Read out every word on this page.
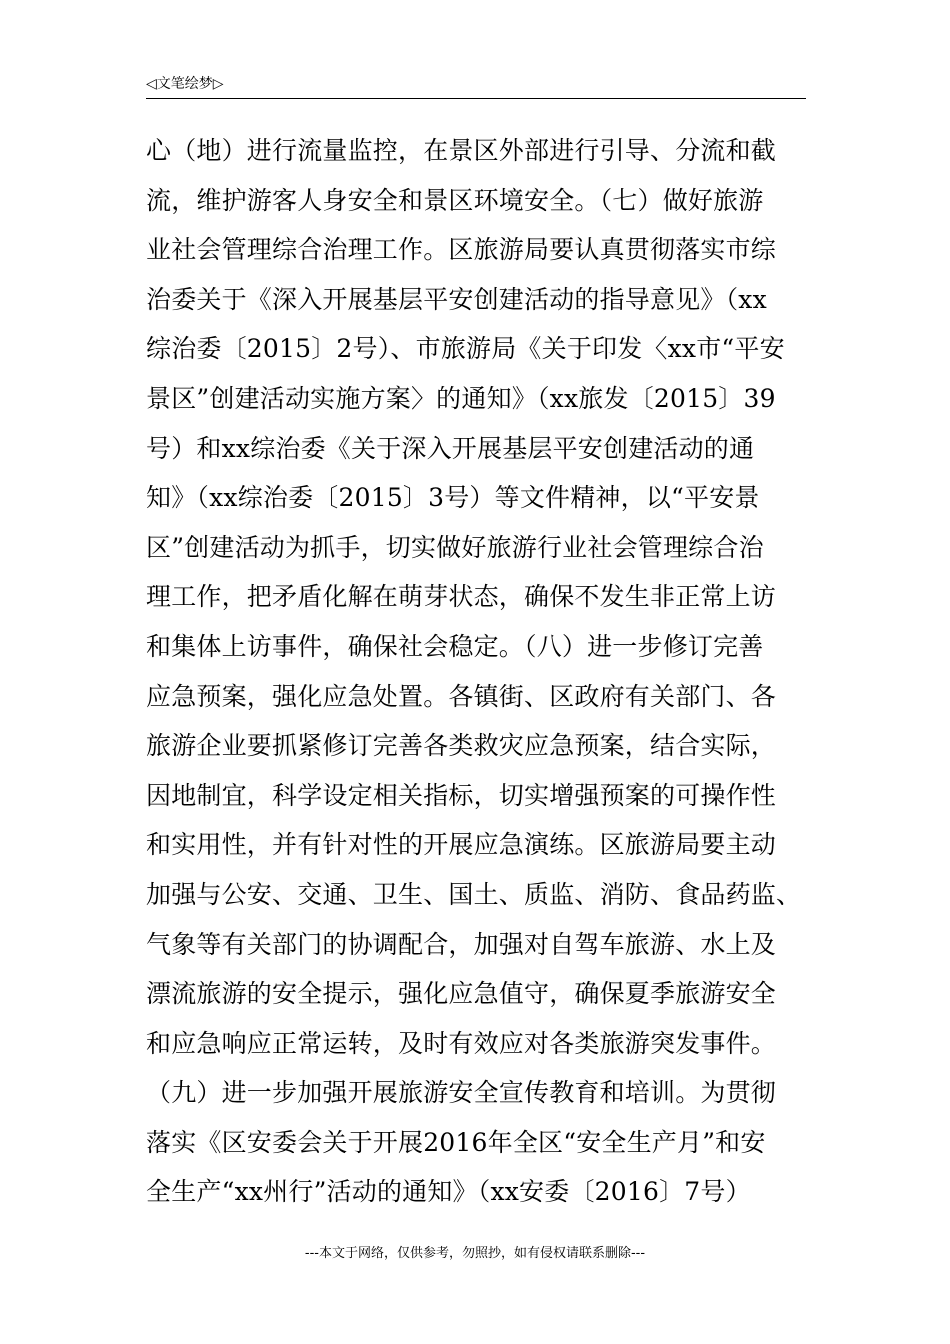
◁文笔绘梦▷
心（地）进行流量监控，在景区外部进行引导、分流和截
流，维护游客人身安全和景区环境安全。（七）做好旅游
业社会管理综合治理工作。区旅游局要认真贯彻落实市综
治委关于《深入开展基层平安创建活动的指导意见》（xx
综治委〔2015〕2号）、市旅游局《关于印发〈xx市“平安
景区”创建活动实施方案〉的通知》（xx旅发〔2015〕39
号）和xx综治委《关于深入开展基层平安创建活动的通
知》（xx综治委〔2015〕3号）等文件精神，以“平安景
区”创建活动为抓手，切实做好旅游行业社会管理综合治
理工作，把矛盾化解在萌芽状态，确保不发生非正常上访
和集体上访事件，确保社会稳定。（八）进一步修订完善
应急预案，强化应急处置。各镇街、区政府有关部门、各
旅游企业要抓紧修订完善各类救灾应急预案，结合实际，
因地制宜，科学设定相关指标，切实增强预案的可操作性
和实用性，并有针对性的开展应急演练。区旅游局要主动
加强与公安、交通、卫生、国土、质监、消防、食品药监、
气象等有关部门的协调配合，加强对自驾车旅游、水上及
漂流旅游的安全提示，强化应急值守，确保夏季旅游安全
和应急响应正常运转，及时有效应对各类旅游突发事件。
（九）进一步加强开展旅游安全宣传教育和培训。为贯彻
落实《区安委会关于开展2016年全区“安全生产月”和安
全生产“xx州行”活动的通知》（xx安委〔2016〕7号）
---本文于网络，仅供参考，勿照抄，如有侵权请联系删除---
